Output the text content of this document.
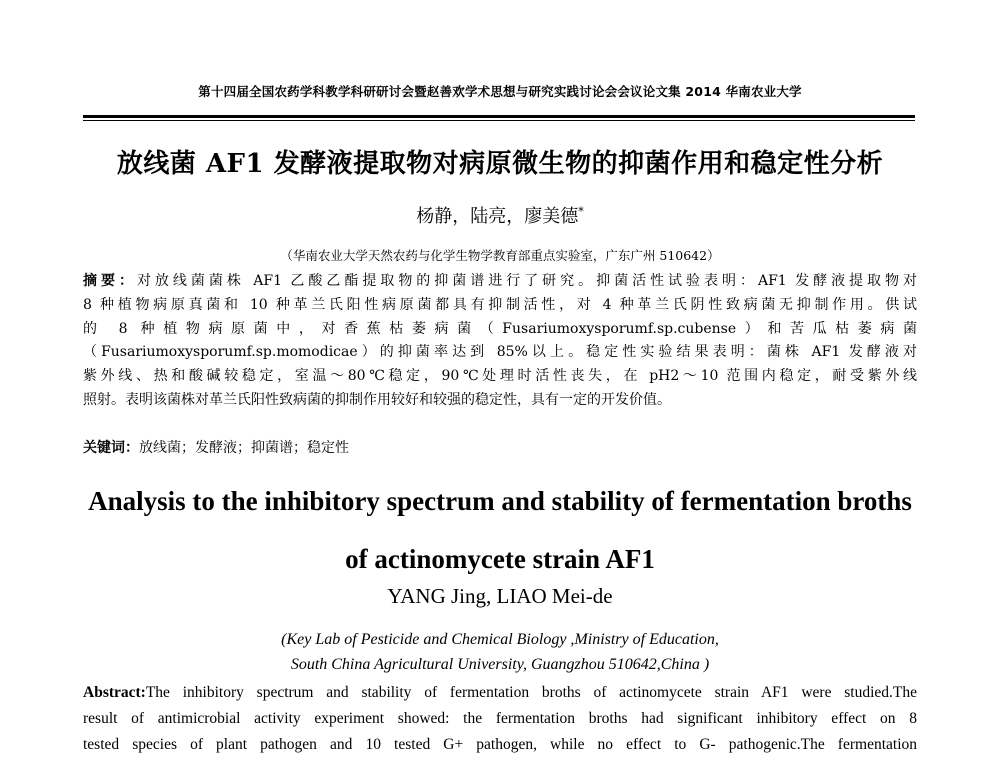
第十四届全国农药学科教学科研研讨会暨赵善欢学术思想与研究实践讨论会会议论文集 2014 华南农业大学
放线菌 AF1 发酵液提取物对病原微生物的抑菌作用和稳定性分析
杨静，陆亮，廖美德*
（华南农业大学天然农药与化学生物学教育部重点实验室，广东广州 510642）
摘要：对放线菌菌株 AF1 乙酸乙酯提取物的抑菌谱进行了研究。抑菌活性试验表明：AF1 发酵液提取物对
8 种植物病原真菌和 10 种革兰氏阳性病原菌都具有抑制活性，对 4 种革兰氏阴性致病菌无抑制作用。供试
的 8 种植物病原菌中，对香蕉枯萎病菌（Fusariumoxysporumf.sp.cubense）和苦瓜枯萎病菌
（Fusariumoxysporumf.sp.momodicae）的抑菌率达到 85%以上。稳定性实验结果表明：菌株 AF1 发酵液对
紫外线、热和酸碱较稳定，室温～80℃稳定，90℃处理时活性丧失，在 pH2～10 范围内稳定，耐受紫外线
照射。表明该菌株对革兰氏阳性致病菌的抑制作用较好和较强的稳定性，具有一定的开发价值。
关键词：放线菌；发酵液；抑菌谱；稳定性
Analysis to the inhibitory spectrum and stability of fermentation broths
of actinomycete strain AF1
YANG Jing, LIAO Mei-de
(Key Lab of Pesticide and Chemical Biology ,Ministry of Education,
South China Agricultural University, Guangzhou 510642,China )
Abstract:The inhibitory spectrum and stability of fermentation broths of actinomycete strain AF1 were studied.The
result of antimicrobial activity experiment showed: the fermentation broths had significant inhibitory effect on 8
tested species of plant pathogen and 10 tested G+ pathogen, while no effect to G- pathogenic.The fermentation
